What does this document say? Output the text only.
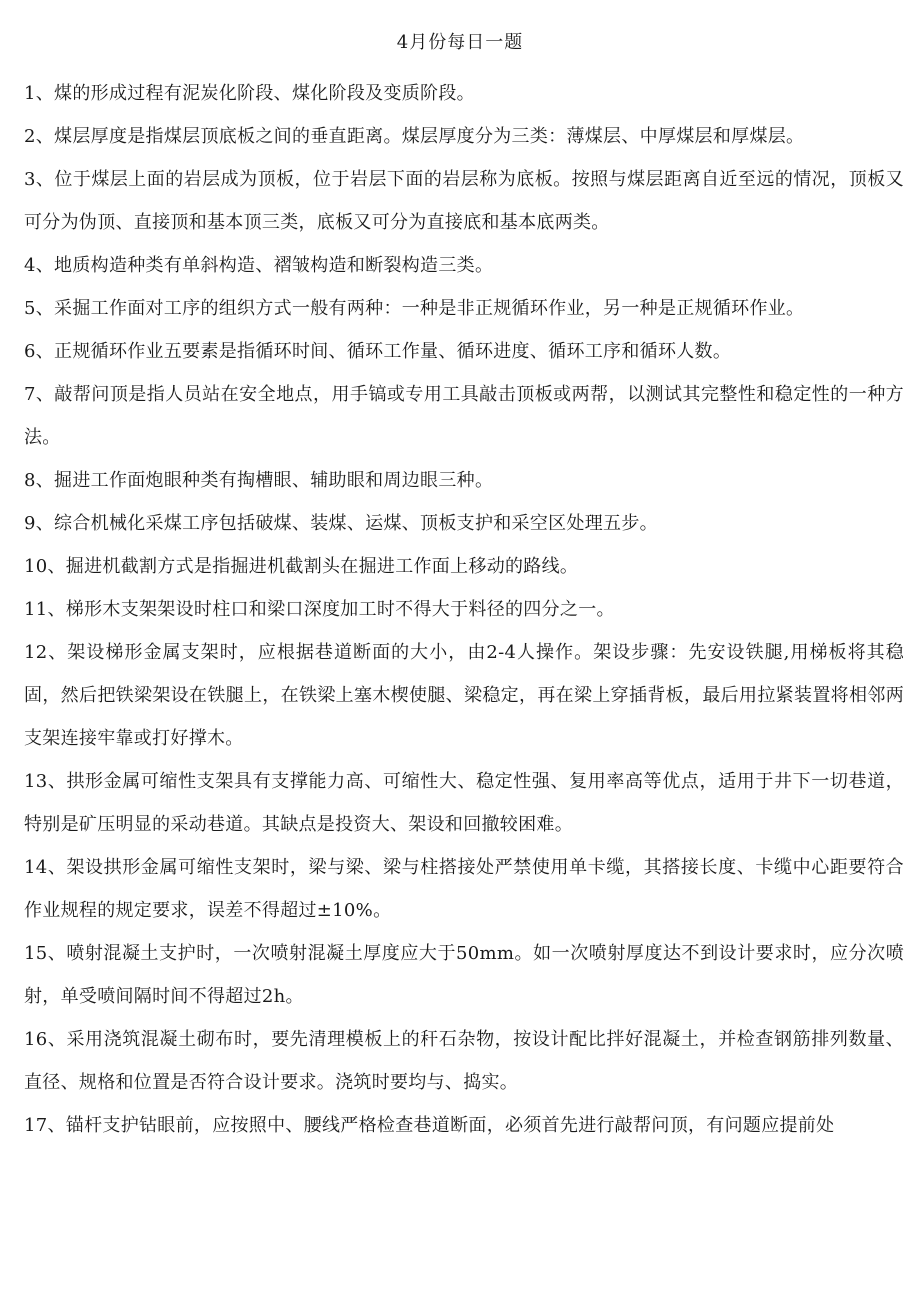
4月份每日一题

1、煤的形成过程有泥炭化阶段、煤化阶段及变质阶段。

2、煤层厚度是指煤层顶底板之间的垂直距离。煤层厚度分为三类：薄煤层、中厚煤层和厚煤层。

3、位于煤层上面的岩层成为顶板，位于岩层下面的岩层称为底板。按照与煤层距离自近至远的情况，顶板又可分为伪顶、直接顶和基本顶三类，底板又可分为直接底和基本底两类。

4、地质构造种类有单斜构造、褶皱构造和断裂构造三类。

5、采掘工作面对工序的组织方式一般有两种：一种是非正规循环作业，另一种是正规循环作业。

6、正规循环作业五要素是指循环时间、循环工作量、循环进度、循环工序和循环人数。

7、敲帮问顶是指人员站在安全地点，用手镐或专用工具敲击顶板或两帮，以测试其完整性和稳定性的一种方法。

8、掘进工作面炮眼种类有掏槽眼、辅助眼和周边眼三种。

9、综合机械化采煤工序包括破煤、装煤、运煤、顶板支护和采空区处理五步。

10、掘进机截割方式是指掘进机截割头在掘进工作面上移动的路线。

11、梯形木支架架设时柱口和梁口深度加工时不得大于料径的四分之一。

12、架设梯形金属支架时，应根据巷道断面的大小，由2-4人操作。架设步骤：先安设铁腿,用梯板将其稳固，然后把铁梁架设在铁腿上，在铁梁上塞木楔使腿、梁稳定，再在梁上穿插背板，最后用拉紧装置将相邻两支架连接牢靠或打好撑木。

13、拱形金属可缩性支架具有支撑能力高、可缩性大、稳定性强、复用率高等优点，适用于井下一切巷道，特别是矿压明显的采动巷道。其缺点是投资大、架设和回撤较困难。

14、架设拱形金属可缩性支架时，梁与梁、梁与柱搭接处严禁使用单卡缆，其搭接长度、卡缆中心距要符合作业规程的规定要求，误差不得超过±10%。

15、喷射混凝土支护时，一次喷射混凝土厚度应大于50mm。如一次喷射厚度达不到设计要求时，应分次喷射，单受喷间隔时间不得超过2h。

16、采用浇筑混凝土砌布时，要先清理模板上的秆石杂物，按设计配比拌好混凝土，并检查钢筋排列数量、直径、规格和位置是否符合设计要求。浇筑时要均与、捣实。

17、锚杆支护钻眼前，应按照中、腰线严格检查巷道断面，必须首先进行敲帮问顶，有问题应提前处
